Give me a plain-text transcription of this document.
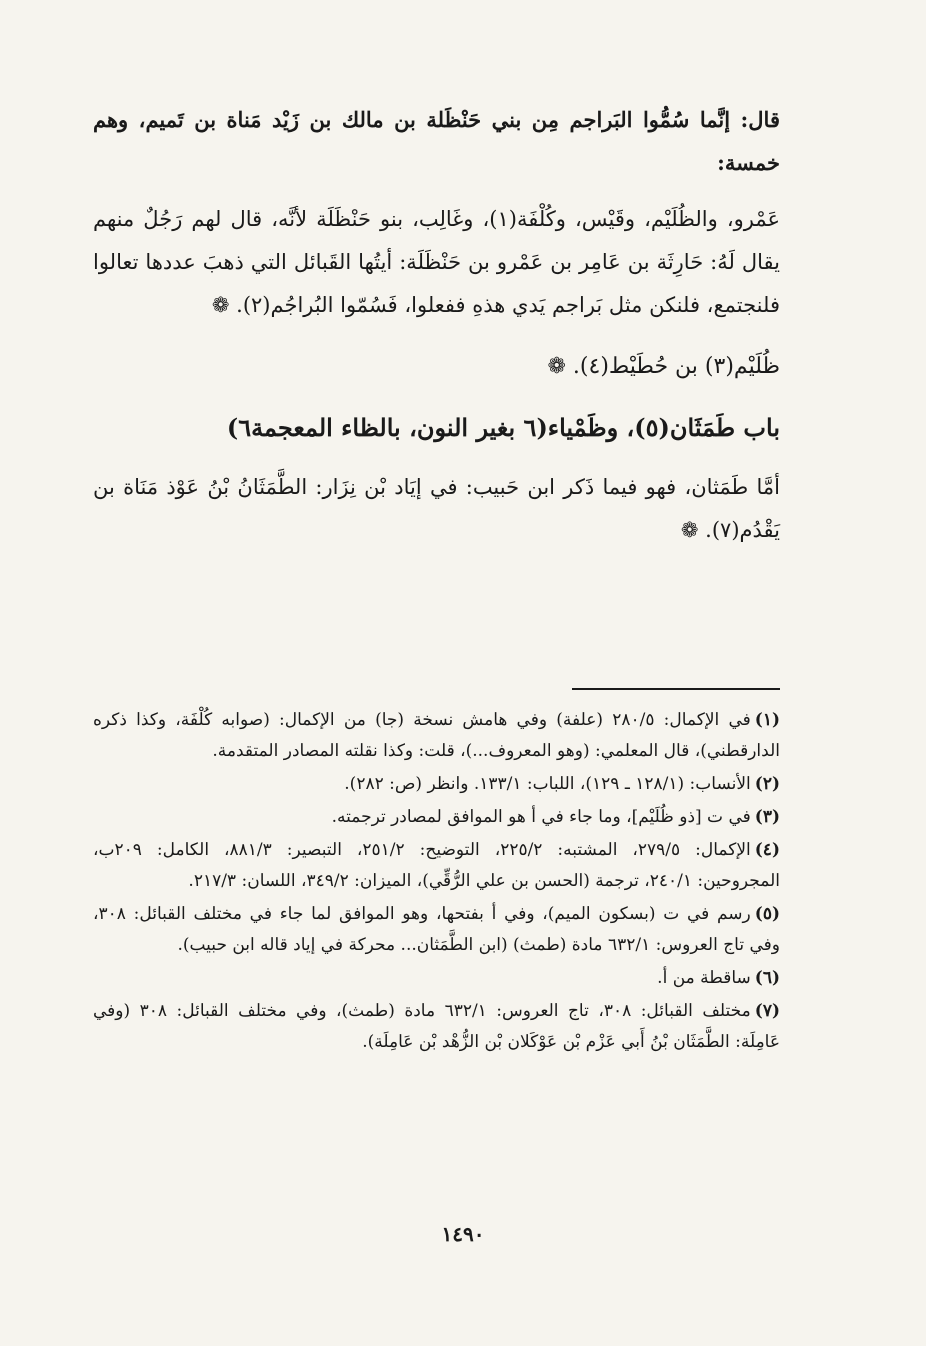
قال: إنَّما سُمُّوا البَراجم مِن بني حَنْظَلة بن مالك بن زَيْد مَناة بن تَميم، وهم خمسة:

عَمْرو، والظُلَيْم، وقَيْس، وكُلْفَة(١)، وغَالِب، بنو حَنْظَلَة لأنَّه، قال لهم رَجُلٌ منهم يقال لَهُ: حَارِثَة بن عَامِر بن عَمْرو بن حَنْظَلَة: أيتُها القَبائل التي ذهبَ عددها تعالوا فلنجتمع، فلنكن مثل بَراجم يَدي هذهِ ففعلوا، فَسُمّوا البُراجُم(٢). ❁

ظُلَيْم(٣) بن حُطَيْط(٤). ❁

باب طَمَثَان(٥)، وظَمْياء(٦ بغير النون، بالظاء المعجمة٦)

أمَّا طَمَثان، فهو فيما ذَكر ابن حَبيب: في إيَاد بْن نِزَار: الطَّمَثَانُ بْنُ عَوْذ مَنَاة بن يَقْدُم(٧). ❁

(١)في الإكمال: ٢٨٠/٥ (علفة) وفي هامش نسخة (جا) من الإكمال: (صوابه كُلْفَة، وكذا ذكره الدارقطني)، قال المعلمي: (وهو المعروف...)، قلت: وكذا نقلته المصادر المتقدمة.

(٢)الأنساب: (١٢٨/١ ـ ١٢٩)، اللباب: ١٣٣/١. وانظر (ص: ٢٨٢).

(٣)في ت [ذو ظُلَيْم]، وما جاء في أ هو الموافق لمصادر ترجمته.

(٤)الإكمال: ٢٧٩/٥، المشتبه: ٢٢٥/٢، التوضيح: ٢٥١/٢، التبصير: ٨٨١/٣، الكامل: ٢٠٩ب، المجروحين: ٢٤٠/١، ترجمة (الحسن بن علي الرُّقِّي)، الميزان: ٣٤٩/٢، اللسان: ٢١٧/٣.

(٥)رسم في ت (بسكون الميم)، وفي أ بفتحها، وهو الموافق لما جاء في مختلف القبائل: ٣٠٨، وفي تاج العروس: ٦٣٢/١ مادة (طمث) (ابن الطَّمَثان... محركة في إياد قاله ابن حبيب).

(٦)ساقطة من أ.

(٧)مختلف القبائل: ٣٠٨، تاج العروس: ٦٣٢/١ مادة (طمث)، وفي مختلف القبائل: ٣٠٨ (وفي عَامِلَة: الطَّمَثَان بْنُ أَبي عَزْم بْن عَوْكَلان بْن الزُّهْد بْن عَامِلَة).

١٤٩٠
